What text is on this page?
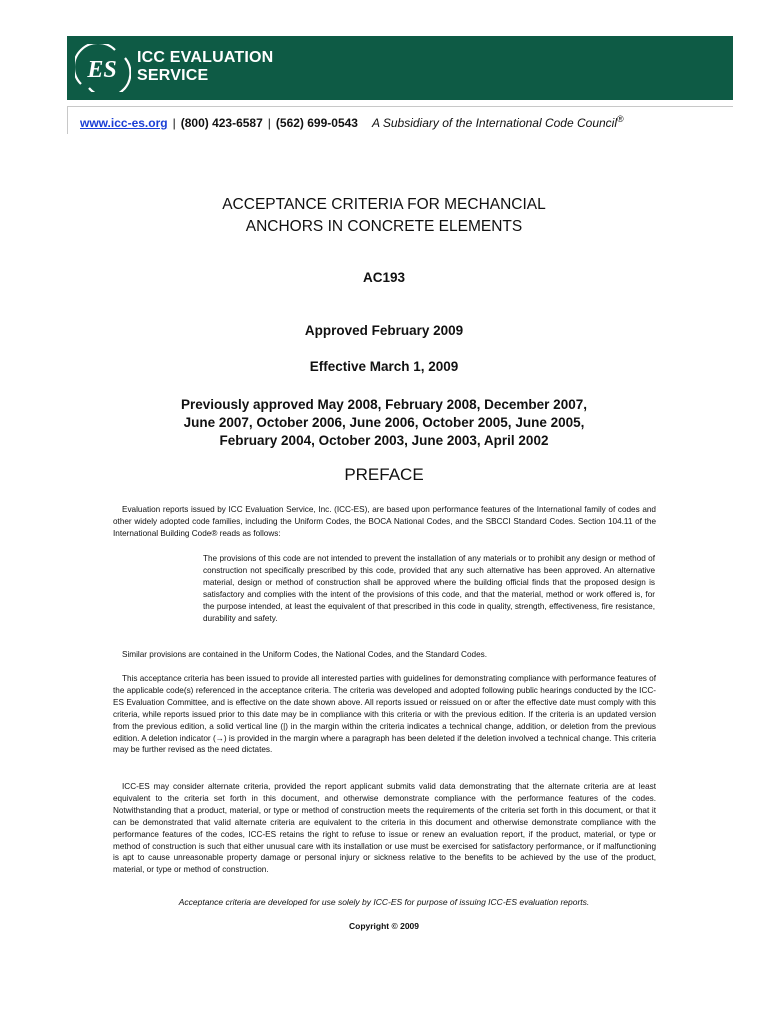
ES ICC EVALUATION
SERVICE
www.icc-es.org | (800) 423-6587 | (562) 699-0543 A Subsidiary of the International Code Council®
ACCEPTANCE CRITERIA FOR MECHANCIAL
ANCHORS IN CONCRETE ELEMENTS
AC193
Approved February 2009
Effective March 1, 2009
Previously approved May 2008, February 2008, December 2007,
June 2007, October 2006, June 2006, October 2005, June 2005,
February 2004, October 2003, June 2003, April 2002
PREFACE
Evaluation reports issued by ICC Evaluation Service, Inc. (ICC-ES), are based upon performance features of the International family of codes and other widely adopted code families, including the Uniform Codes, the BOCA National Codes, and the SBCCI Standard Codes. Section 104.11 of the International Building Code® reads as follows:
The provisions of this code are not intended to prevent the installation of any materials or to prohibit any design or method of construction not specifically prescribed by this code, provided that any such alternative has been approved. An alternative material, design or method of construction shall be approved where the building official finds that the proposed design is satisfactory and complies with the intent of the provisions of this code, and that the material, method or work offered is, for the purpose intended, at least the equivalent of that prescribed in this code in quality, strength, effectiveness, fire resistance, durability and safety.
Similar provisions are contained in the Uniform Codes, the National Codes, and the Standard Codes.
This acceptance criteria has been issued to provide all interested parties with guidelines for demonstrating compliance with performance features of the applicable code(s) referenced in the acceptance criteria. The criteria was developed and adopted following public hearings conducted by the ICC-ES Evaluation Committee, and is effective on the date shown above. All reports issued or reissued on or after the effective date must comply with this criteria, while reports issued prior to this date may be in compliance with this criteria or with the previous edition. If the criteria is an updated version from the previous edition, a solid vertical line (|) in the margin within the criteria indicates a technical change, addition, or deletion from the previous edition. A deletion indicator (→) is provided in the margin where a paragraph has been deleted if the deletion involved a technical change. This criteria may be further revised as the need dictates.
ICC-ES may consider alternate criteria, provided the report applicant submits valid data demonstrating that the alternate criteria are at least equivalent to the criteria set forth in this document, and otherwise demonstrate compliance with the performance features of the codes. Notwithstanding that a product, material, or type or method of construction meets the requirements of the criteria set forth in this document, or that it can be demonstrated that valid alternate criteria are equivalent to the criteria in this document and otherwise demonstrate compliance with the performance features of the codes, ICC-ES retains the right to refuse to issue or renew an evaluation report, if the product, material, or type or method of construction is such that either unusual care with its installation or use must be exercised for satisfactory performance, or if malfunctioning is apt to cause unreasonable property damage or personal injury or sickness relative to the benefits to be achieved by the use of the product, material, or type or method of construction.
Acceptance criteria are developed for use solely by ICC-ES for purpose of issuing ICC-ES evaluation reports.
Copyright © 2009
